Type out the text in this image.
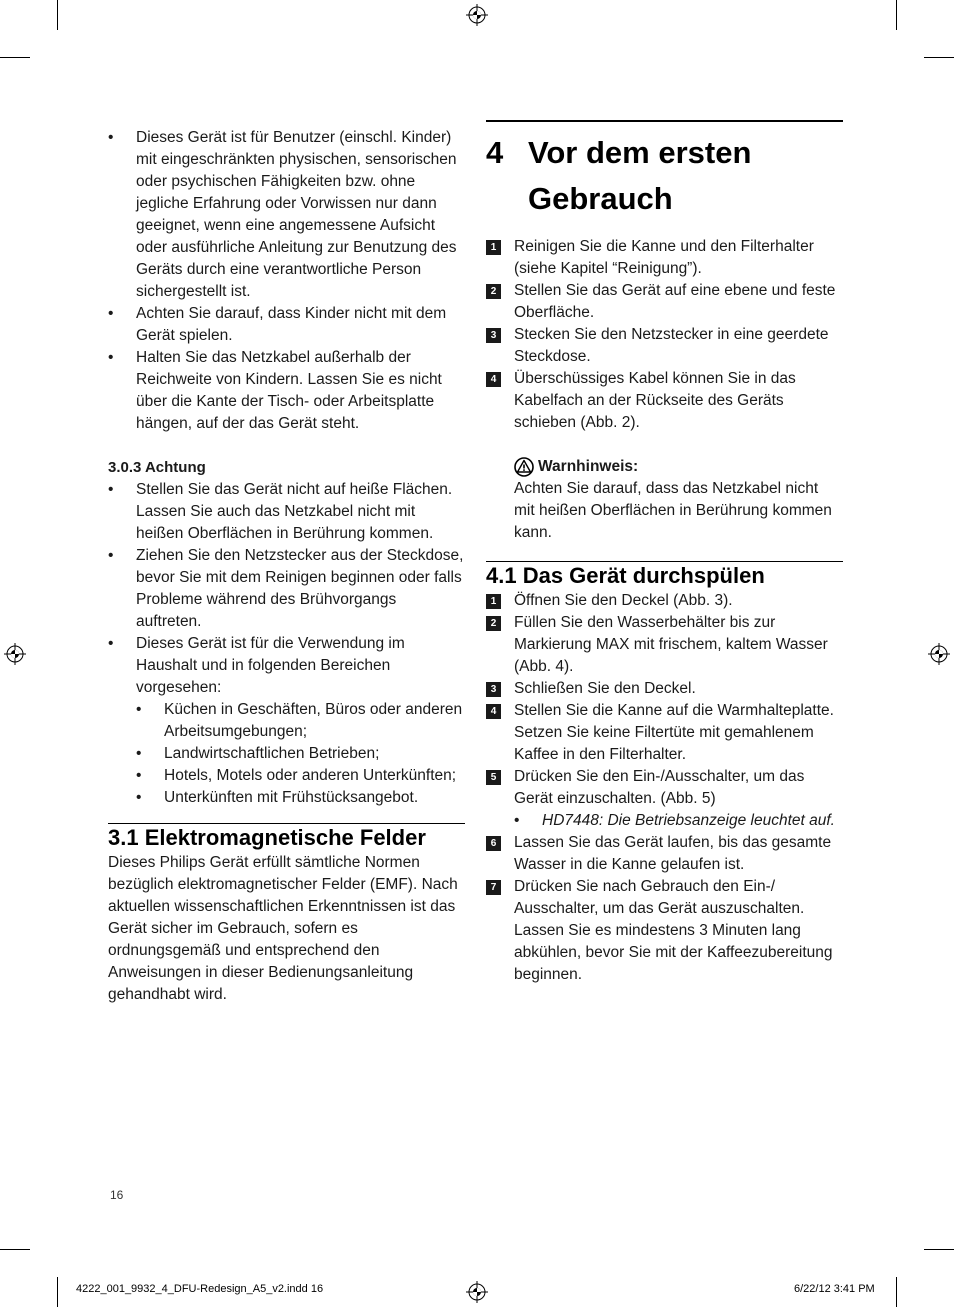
• Dieses Gerät ist für Benutzer (einschl. Kinder) mit eingeschränkten physischen, sensorischen oder psychischen Fähigkeiten bzw. ohne jegliche Erfahrung oder Vorwissen nur dann geeignet, wenn eine angemessene Aufsicht oder ausführliche Anleitung zur Benutzung des Geräts durch eine verantwortliche Person sichergestellt ist.
• Achten Sie darauf, dass Kinder nicht mit dem Gerät spielen.
• Halten Sie das Netzkabel außerhalb der Reichweite von Kindern. Lassen Sie es nicht über die Kante der Tisch- oder Arbeitsplatte hängen, auf der das Gerät steht.
3.0.3 Achtung
• Stellen Sie das Gerät nicht auf heiße Flächen. Lassen Sie auch das Netzkabel nicht mit heißen Oberflächen in Berührung kommen.
• Ziehen Sie den Netzstecker aus der Steckdose, bevor Sie mit dem Reinigen beginnen oder falls Probleme während des Brühvorgangs auftreten.
• Dieses Gerät ist für die Verwendung im Haushalt und in folgenden Bereichen vorgesehen:
• Küchen in Geschäften, Büros oder anderen Arbeitsumgebungen;
• Landwirtschaftlichen Betrieben;
• Hotels, Motels oder anderen Unterkünften;
• Unterkünften mit Frühstücksangebot.
3.1 Elektromagnetische Felder
Dieses Philips Gerät erfüllt sämtliche Normen bezüglich elektromagnetischer Felder (EMF). Nach aktuellen wissenschaftlichen Erkenntnissen ist das Gerät sicher im Gebrauch, sofern es ordnungsgemäß und entsprechend den Anweisungen in dieser Bedienungsanleitung gehandhabt wird.
4 Vor dem ersten
Gebrauch
1	Reinigen Sie die Kanne und den Filterhalter (siehe Kapitel “Reinigung”).
2	Stellen Sie das Gerät auf eine ebene und feste Oberfläche.
3	Stecken Sie den Netzstecker in eine geerdete Steckdose.
4	Überschüssiges Kabel können Sie in das Kabelfach an der Rückseite des Geräts schieben (Abb. 2).
Warnhinweis:
Achten Sie darauf, dass das Netzkabel nicht mit heißen Oberflächen in Berührung kommen kann.
4.1 Das Gerät durchspülen
1	Öffnen Sie den Deckel (Abb. 3).
2	Füllen Sie den Wasserbehälter bis zur Markierung MAX mit frischem, kaltem Wasser (Abb. 4).
3	Schließen Sie den Deckel.
4	Stellen Sie die Kanne auf die Warmhalteplatte. Setzen Sie keine Filtertüte mit gemahlenem Kaffee in den Filterhalter.
5	Drücken Sie den Ein-/Ausschalter, um das Gerät einzuschalten. (Abb. 5)
• HD7448: Die Betriebsanzeige leuchtet auf.
6	Lassen Sie das Gerät laufen, bis das gesamte Wasser in die Kanne gelaufen ist.
7	Drücken Sie nach Gebrauch den Ein-/ Ausschalter, um das Gerät auszuschalten. Lassen Sie es mindestens 3 Minuten lang abkühlen, bevor Sie mit der Kaffeezubereitung beginnen.
16
4222_001_9932_4_DFU-Redesign_A5_v2.indd 16	6/22/12 3:41 PM
